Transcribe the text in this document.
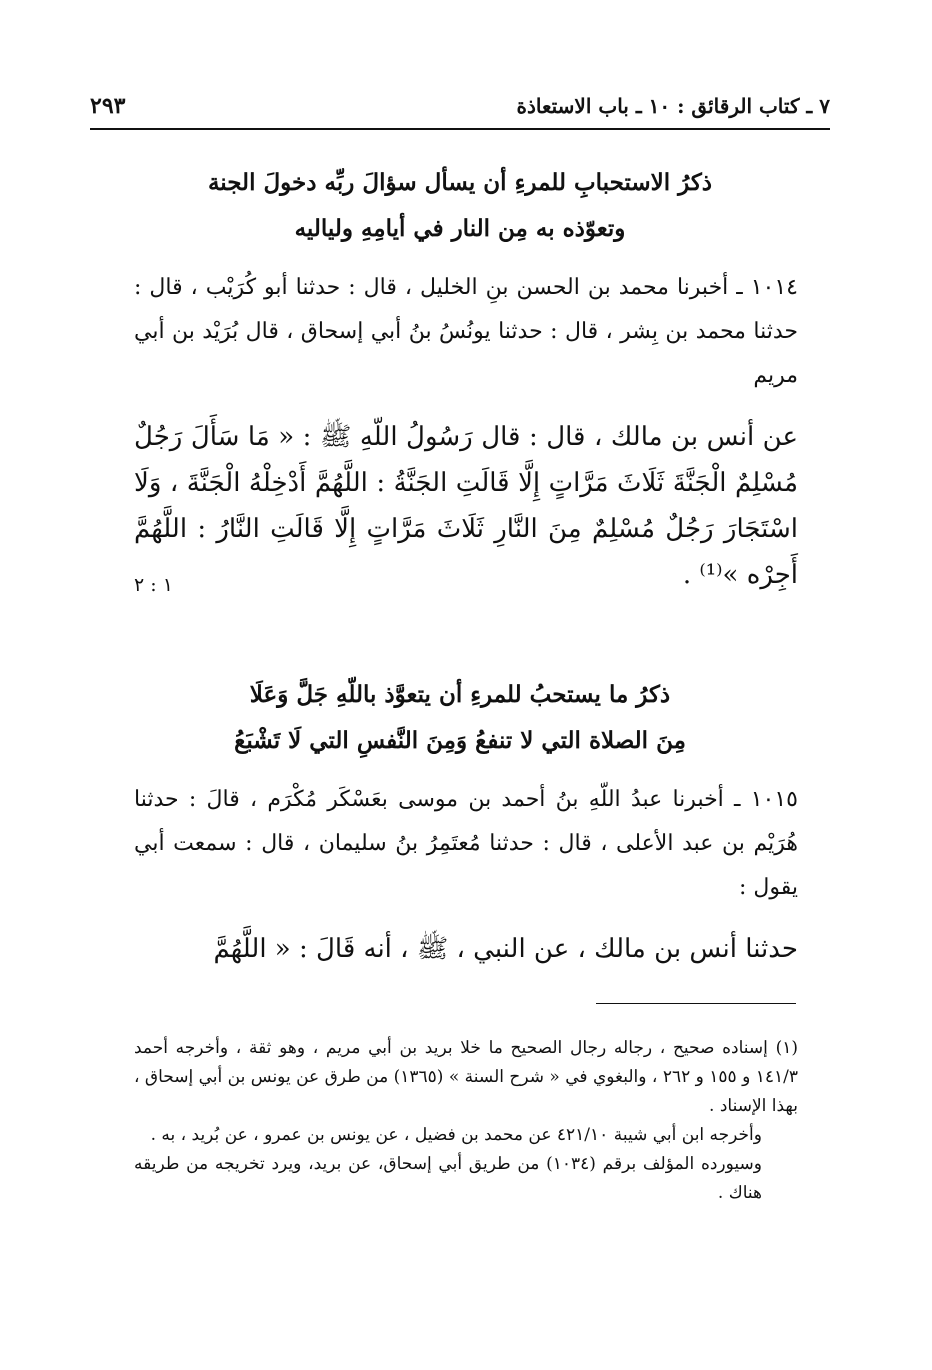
٧ ـ كتاب الرقائق : ١٠ ـ باب الاستعاذة
٢٩٣

ذكرُ الاستحبابِ للمرءِ أن يسأل سؤالَ ربِّه دخولَ الجنة

وتعوّذه به مِن النار في أيامِهِ ولياليه

١٠١٤ ـ أخبرنا محمد بن الحسن بنِ الخليل ، قال : حدثنا أبو كُرَيْب ، قال : حدثنا محمد بن بِشر ، قال : حدثنا يونُسُ بنُ أبي إسحاق ، قال بُرَيْد بن أبي مريم

عن أنس بن مالك ، قال : قال رَسُولُ اللّهِ ﷺ : « مَا سَأَلَ رَجُلٌ مُسْلِمٌ الْجَنَّةَ ثَلَاثَ مَرَّاتٍ إِلَّا قَالَتِ الجَنَّةُ : اللَّهُمَّ أَدْخِلْهُ الْجَنَّةَ ، وَلَا اسْتَجَارَ رَجُلٌ مُسْلِمٌ مِنَ النَّارِ ثَلَاثَ مَرَّاتٍ إِلَّا قَالَتِ النَّارُ : اللَّهُمَّ أَجِرْه »⁽¹⁾ .

١ : ٢

ذكرُ ما يستحبُ للمرءِ أن يتعوَّذ باللّهِ جَلَّ وَعَلَا

مِنَ الصلاة التي لا تنفعُ وَمِنَ النَّفسِ التي لَا تَشْبَعُ

١٠١٥ ـ أخبرنا عبدُ اللّهِ بنُ أحمد بن موسى بعَسْكَر مُكْرَم ، قالَ : حدثنا هُرَيْم بن عبد الأعلى ، قال : حدثنا مُعتَمِرُ بنُ سليمان ، قال : سمعت أبي يقول :

حدثنا أنس بن مالك ، عن النبي ، ﷺ ، أنه قَالَ : « اللَّهُمَّ

(١) إسناده صحيح ، رجاله رجال الصحيح ما خلا بريد بن أبي مريم ، وهو ثقة ، وأخرجه أحمد ١٤١/٣ و ١٥٥ و ٢٦٢ ، والبغوي في « شرح السنة » (١٣٦٥) من طرق عن يونس بن أبي إسحاق ، بهذا الإسناد .

وأخرجه ابن أبي شيبة ٤٢١/١٠ عن محمد بن فضيل ، عن يونس بن عمرو ، عن بُريد ، به .

وسيورده المؤلف برقم (١٠٣٤) من طريق أبي إسحاق، عن بريد، ويرد تخريجه من طريقه هناك .
